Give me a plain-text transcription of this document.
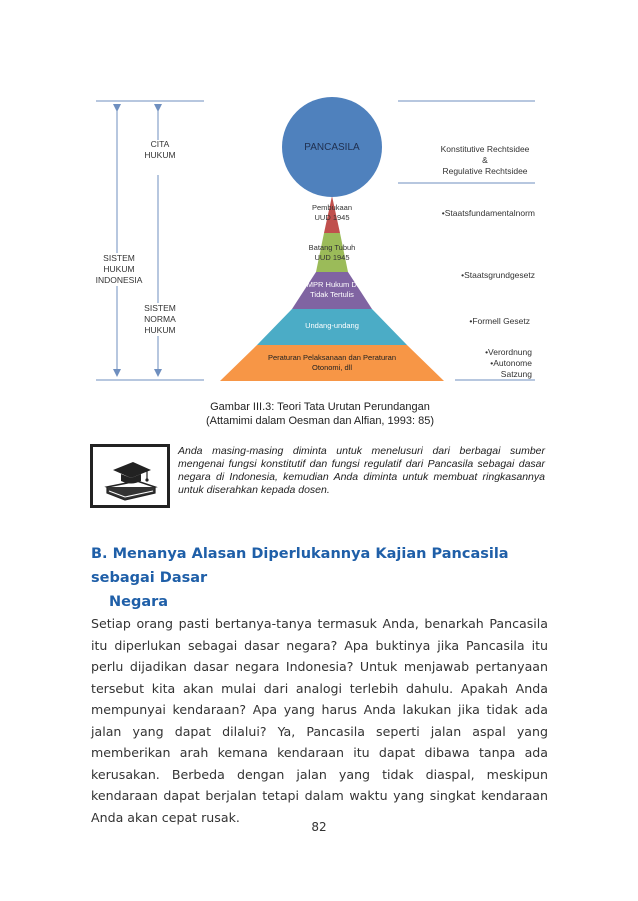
CITA
HUKUM
SISTEM
HUKUM
INDONESIA
SISTEM
NORMA
HUKUM
PANCASILA
Pembukaan UUD 1945
Batang Tubuh UUD 1945
Tap MPR Hukum Dasar Tidak Tertulis
Undang-undang
Peraturan Pelaksanaan dan Peraturan Otonomi, dll
Konstitutive Rechtsidee
&
Regulative Rechtsidee
•Staatsfundamentalnorm
•Staatsgrundgesetz
•Formell Gesetz
•Verordnung
•Autonome
Satzung
Gambar III.3: Teori Tata Urutan Perundangan
(Attamimi dalam Oesman dan Alfian, 1993: 85)
Anda masing-masing diminta untuk menelusuri dari berbagai sumber mengenai fungsi konstitutif dan fungsi regulatif dari Pancasila sebagai dasar negara di Indonesia, kemudian Anda diminta untuk membuat ringkasannya untuk diserahkan kepada dosen.
B. Menanya Alasan Diperlukannya Kajian Pancasila sebagai Dasar
Negara
Setiap orang pasti bertanya-tanya termasuk Anda, benarkah Pancasila itu diperlukan sebagai dasar negara? Apa buktinya jika Pancasila itu perlu dijadikan dasar negara Indonesia? Untuk menjawab pertanyaan tersebut kita akan mulai dari analogi terlebih dahulu. Apakah Anda mempunyai kendaraan? Apa yang harus Anda lakukan jika tidak ada jalan yang dapat dilalui? Ya, Pancasila seperti jalan aspal yang memberikan arah kemana kendaraan itu dapat dibawa tanpa ada kerusakan. Berbeda dengan jalan yang tidak diaspal, meskipun kendaraan dapat berjalan tetapi dalam waktu yang singkat kendaraan Anda akan cepat rusak.
82
